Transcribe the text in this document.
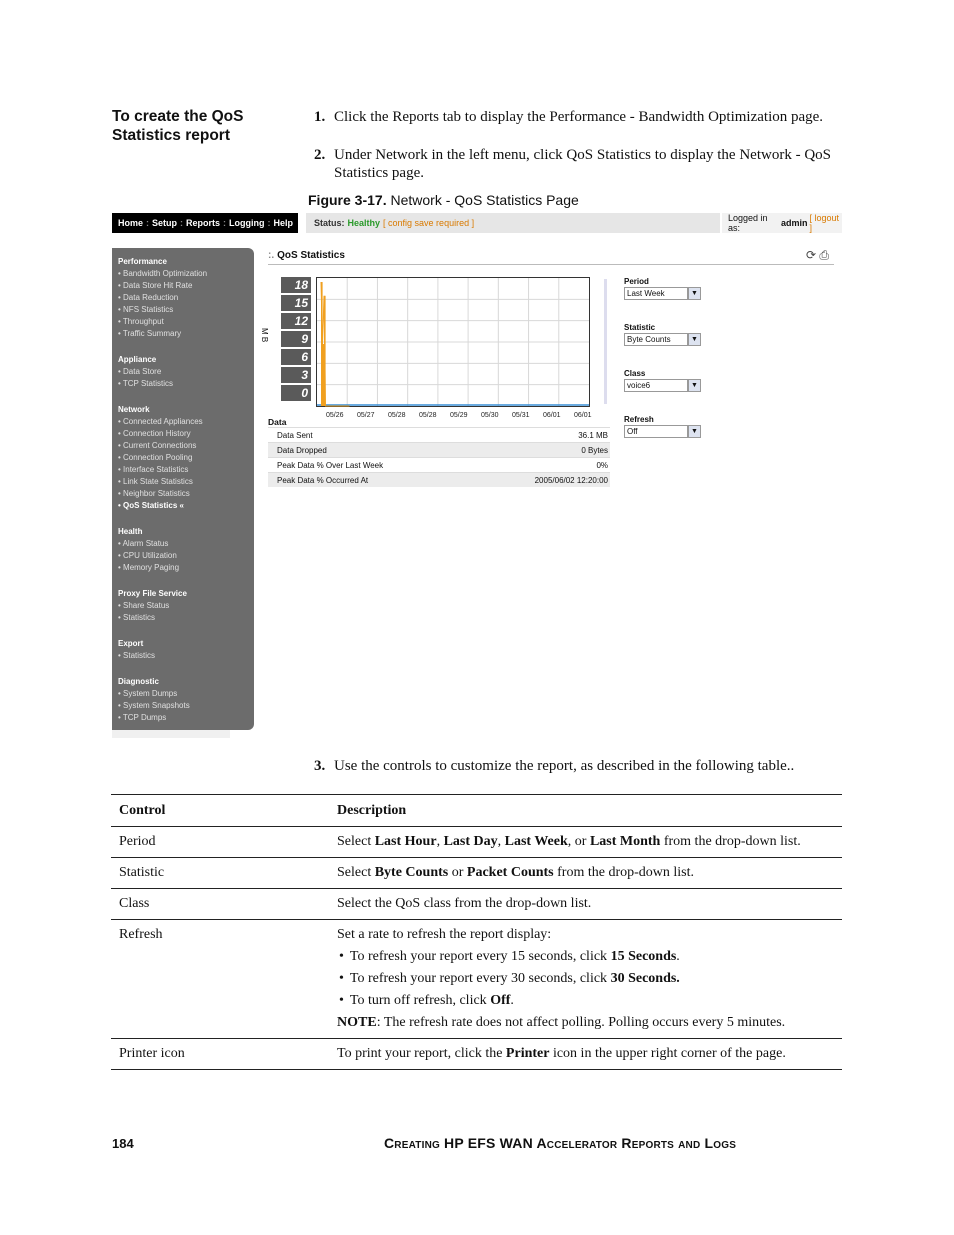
To create the QoS
Statistics report
1. Click the Reports tab to display the Performance - Bandwidth Optimization page.
2. Under Network in the left menu, click QoS Statistics to display the Network - QoS Statistics page.
Figure 3-17. Network - QoS Statistics Page
Home : Setup : Reports : Logging : Help Status: Healthy [ config save required ]	Logged in as:	admin [ logout ]
Performance
• Bandwidth Optimization
• Data Store Hit Rate
• Data Reduction
• NFS Statistics
• Throughput
• Traffic Summary
Appliance
• Data Store
• TCP Statistics
Network
• Connected Appliances
• Connection History
• Current Connections
• Connection Pooling
• Interface Statistics
• Link State Statistics
• Neighbor Statistics
• QoS Statistics «
Health
• Alarm Status
• CPU Utilization
• Memory Paging
Proxy File Service
• Share Status
• Statistics
Export
• Statistics
Diagnostic
• System Dumps
• System Snapshots
• TCP Dumps
:. QoS Statistics	⟳ ⎙
18
15
12
9
6
3
0
M B
05/26 05/27 05/28 05/28 05/29 05/30 05/31 06/01 06/01
Period
Last Week	▼
Statistic
Byte Counts	▼
Class
voice6	▼
Refresh
Off	▼
Data
Data Sent	36.1 MB
Data Dropped	0 Bytes
Peak Data % Over Last Week	0%
Peak Data % Occurred At	2005/06/02 12:20:00
3. Use the controls to customize the report, as described in the following table..
Control	Description
Period	Select Last Hour, Last Day, Last Week, or Last Month from the drop-down list.
Statistic	Select Byte Counts or Packet Counts from the drop-down list.
Class	Select the QoS class from the drop-down list.
Refresh	Set a rate to refresh the report display:
• To refresh your report every 15 seconds, click 15 Seconds.
• To refresh your report every 30 seconds, click 30 Seconds.
• To turn off refresh, click Off.
NOTE: The refresh rate does not affect polling. Polling occurs every 5 minutes.

Printer icon	To print your report, click the Printer icon in the upper right corner of the page.
184	Creating HP EFS WAN Accelerator Reports and Logs
